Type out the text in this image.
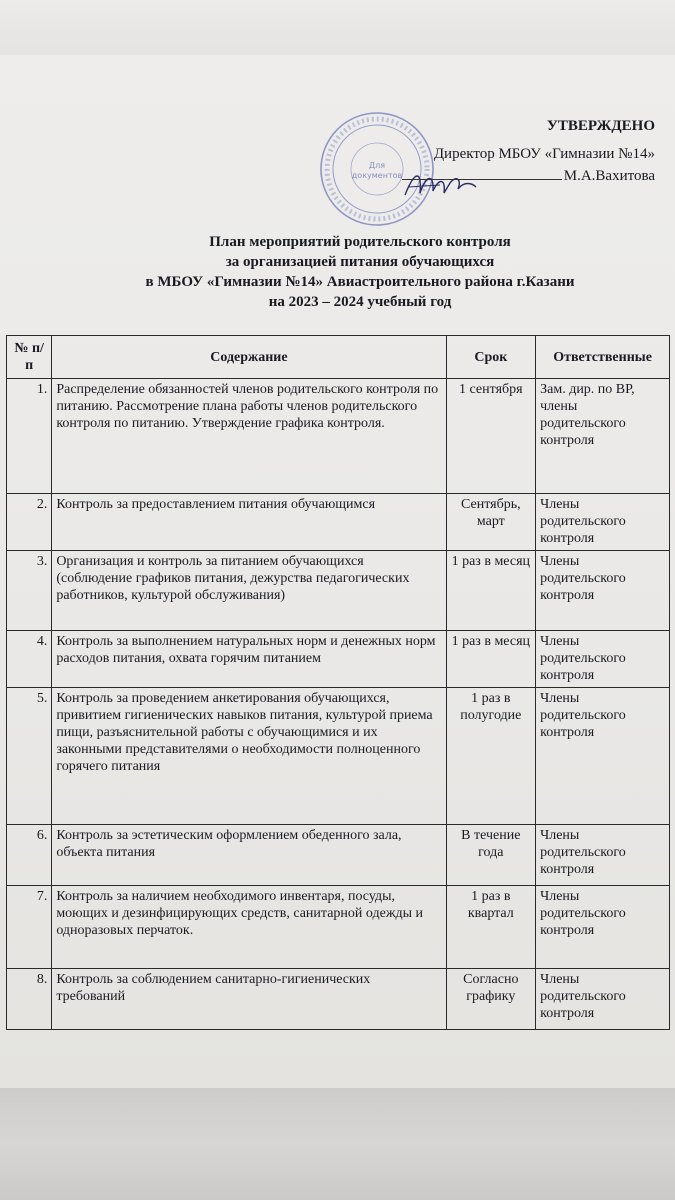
Для
документов
УТВЕРЖДЕНО
Директор МБОУ «Гимназии №14»
М.А.Вахитова
План мероприятий родительского контроля
за организацией питания обучающихся
в МБОУ «Гимназии №14» Авиастроительного района г.Казани
на 2023 – 2024 учебный год
№ п/п	Содержание	Срок	Ответственные
1.	Распределение обязанностей членов родительского контроля по питанию. Рассмотрение плана работы членов родительского контроля по питанию. Утверждение графика контроля.	1 сентября	Зам. дир. по ВР, члены родительского контроля
2.	Контроль за предоставлением питания обучающимся	Сентябрь, март	Члены родительского контроля
3.	Организация и контроль за питанием обучающихся (соблюдение графиков питания, дежурства педагогических работников, культурой обслуживания)	1 раз в месяц	Члены родительского контроля
4.	Контроль за выполнением натуральных норм и денежных норм расходов питания, охвата горячим питанием	1 раз в месяц	Члены родительского контроля
5.	Контроль за проведением анкетирования обучающихся, привитием гигиенических навыков питания, культурой приема пищи, разъяснительной работы с обучающимися и их законными представителями о необходимости полноценного горячего питания	1 раз в полугодие	Члены родительского контроля
6.	Контроль за эстетическим оформлением обеденного зала, объекта питания	В течение года	Члены родительского контроля
7.	Контроль за наличием необходимого инвентаря, посуды, моющих и дезинфицирующих средств, санитарной одежды и одноразовых перчаток.	1 раз в квартал	Члены родительского контроля
8.	Контроль за соблюдением санитарно-гигиенических требований	Согласно графику	Члены родительского контроля
